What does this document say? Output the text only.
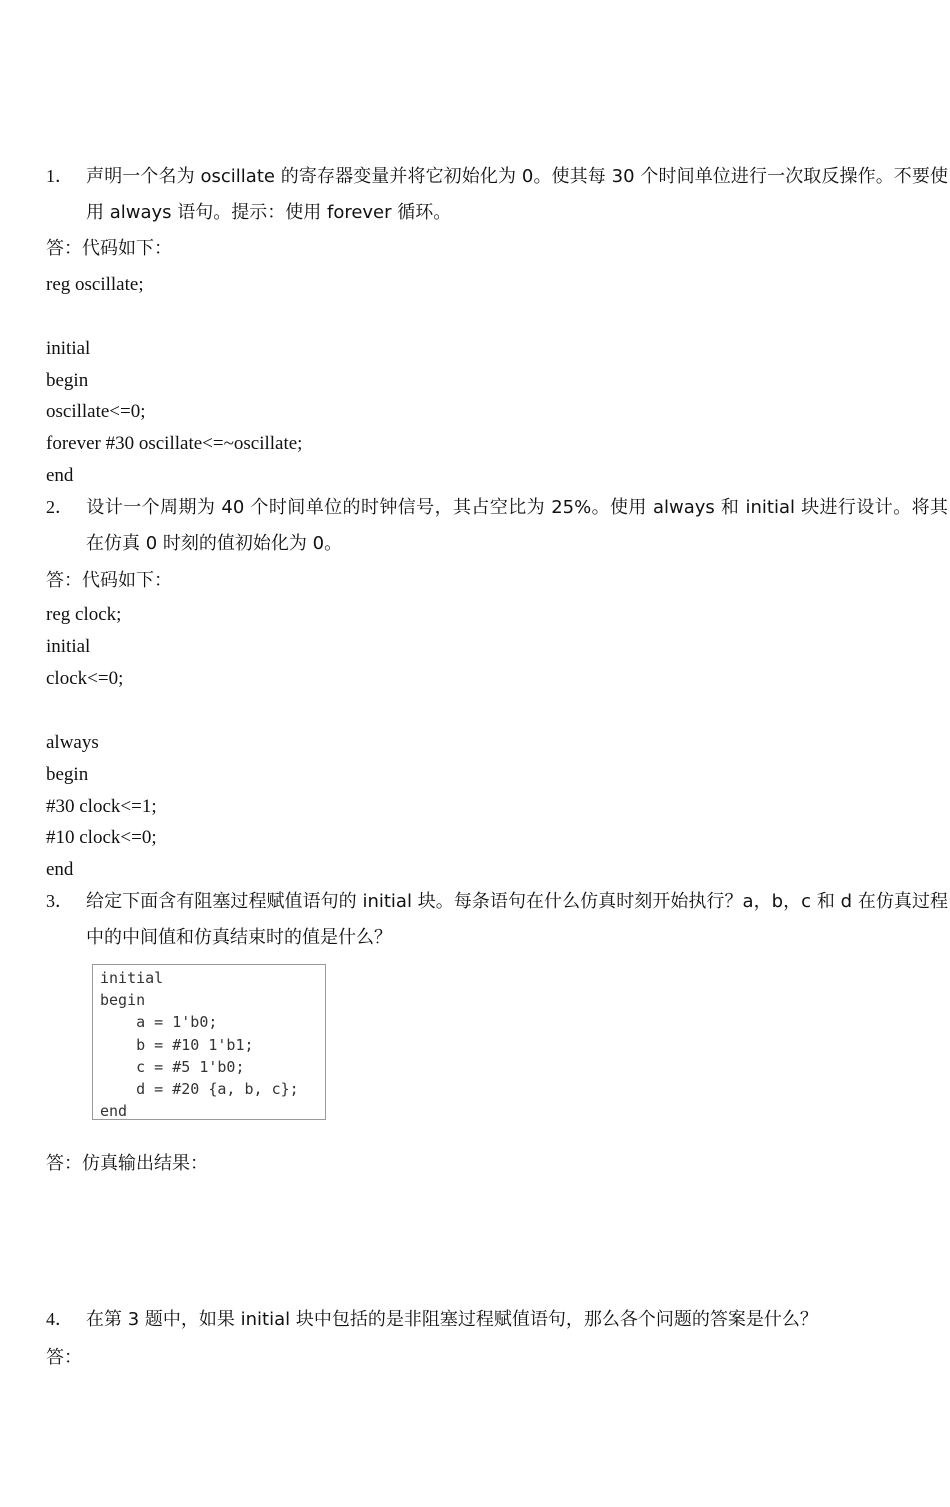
1． 声明一个名为 oscillate 的寄存器变量并将它初始化为 0。使其每 30 个时间单位进行一次取反操作。不要使用 always 语句。提示：使用 forever 循环。
答：代码如下：
reg oscillate;
initial
begin
oscillate<=0;
forever #30 oscillate<=~oscillate;
end
2． 设计一个周期为 40 个时间单位的时钟信号，其占空比为 25%。使用 always 和 initial 块进行设计。将其在仿真 0 时刻的值初始化为 0。
答：代码如下：
reg clock;
initial
clock<=0;
always
begin
#30 clock<=1;
#10 clock<=0;
end
3． 给定下面含有阻塞过程赋值语句的 initial 块。每条语句在什么仿真时刻开始执行？a，b，c 和 d 在仿真过程中的中间值和仿真结束时的值是什么？
initial
begin
a = 1'b0;
b = #10 1'b1;
c = #5 1'b0;
d = #20 {a, b, c};
end
答：仿真输出结果：
4． 在第 3 题中，如果 initial 块中包括的是非阻塞过程赋值语句，那么各个问题的答案是什么？
答：
